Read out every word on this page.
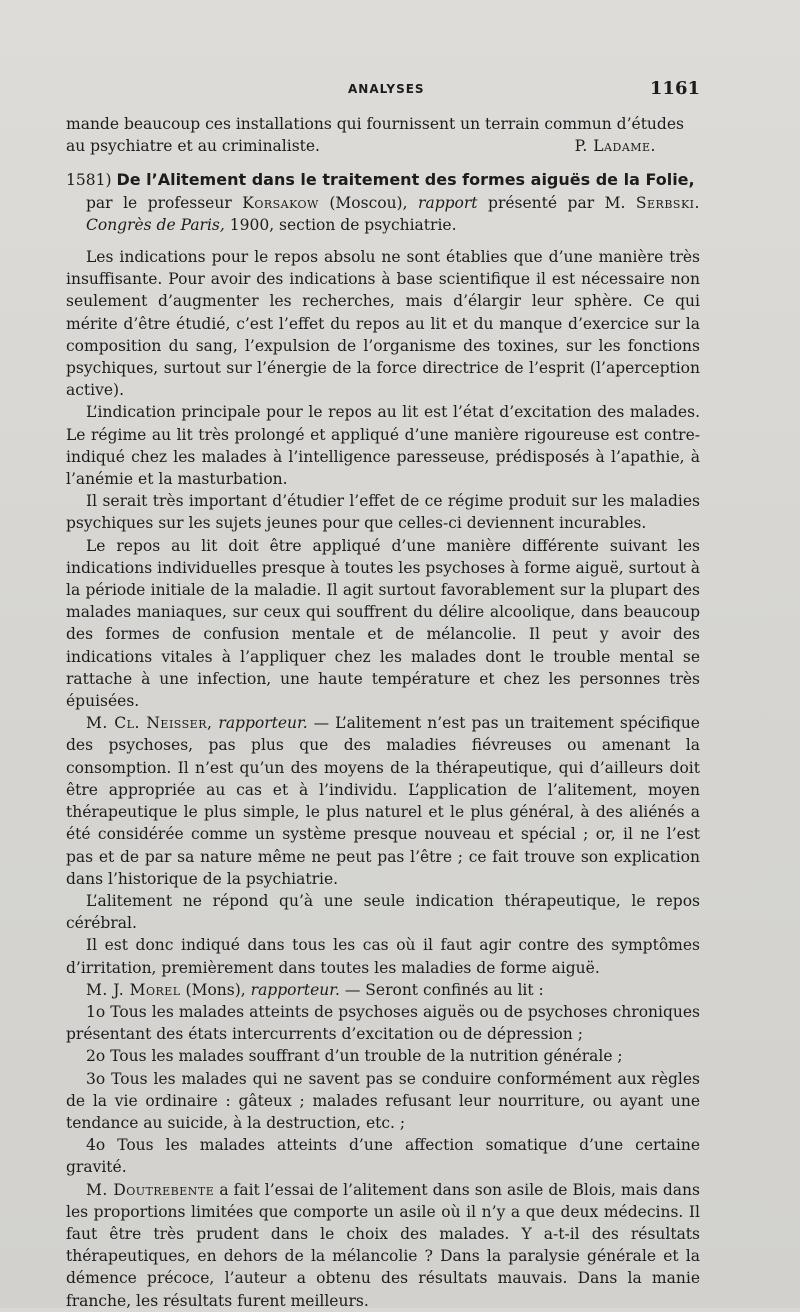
ANALYSES	1161

mande beaucoup ces installations qui fournissent un terrain commun d’études

au psychiatre et au criminaliste.	P. Ladame.

1581) De l’Alitement dans le traitement des formes aiguës de la Folie,
par le professeur Korsakow (Moscou), rapport présenté par M. Serbski. Congrès de Paris, 1900, section de psychiatrie.

Les indications pour le repos absolu ne sont établies que d’une manière très insuffisante. Pour avoir des indications à base scientifique il est nécessaire non seulement d’augmenter les recherches, mais d’élargir leur sphère. Ce qui mérite d’être étudié, c’est l’effet du repos au lit et du manque d’exercice sur la composition du sang, l’expulsion de l’organisme des toxines, sur les fonctions psychiques, surtout sur l’énergie de la force directrice de l’esprit (l’aperception active).

L’indication principale pour le repos au lit est l’état d’excitation des malades. Le régime au lit très prolongé et appliqué d’une manière rigoureuse est contre-indiqué chez les malades à l’intelligence paresseuse, prédisposés à l’apathie, à l’anémie et la masturbation.

Il serait très important d’étudier l’effet de ce régime produit sur les maladies psychiques sur les sujets jeunes pour que celles-ci deviennent incurables.

Le repos au lit doit être appliqué d’une manière différente suivant les indications individuelles presque à toutes les psychoses à forme aiguë, surtout à la période initiale de la maladie. Il agit surtout favorablement sur la plupart des malades maniaques, sur ceux qui souffrent du délire alcoolique, dans beaucoup des formes de confusion mentale et de mélancolie. Il peut y avoir des indications vitales à l’appliquer chez les malades dont le trouble mental se rattache à une infection, une haute température et chez les personnes très épuisées.

M. Cl. Neisser, rapporteur. — L’alitement n’est pas un traitement spécifique des psychoses, pas plus que des maladies fiévreuses ou amenant la consomption. Il n’est qu’un des moyens de la thérapeutique, qui d’ailleurs doit être appropriée au cas et à l’individu. L’application de l’alitement, moyen thérapeutique le plus simple, le plus naturel et le plus général, à des aliénés a été considérée comme un système presque nouveau et spécial ; or, il ne l’est pas et de par sa nature même ne peut pas l’être ; ce fait trouve son explication dans l’historique de la psychiatrie.

L’alitement ne répond qu’à une seule indication thérapeutique, le repos cérébral.

Il est donc indiqué dans tous les cas où il faut agir contre des symptômes d’irritation, premièrement dans toutes les maladies de forme aiguë.

M. J. Morel (Mons), rapporteur. — Seront confinés au lit :

1o Tous les malades atteints de psychoses aiguës ou de psychoses chroniques présentant des états intercurrents d’excitation ou de dépression ;

2o Tous les malades souffrant d’un trouble de la nutrition générale ;

3o Tous les malades qui ne savent pas se conduire conformément aux règles de la vie ordinaire : gâteux ; malades refusant leur nourriture, ou ayant une tendance au suicide, à la destruction, etc. ;

4o Tous les malades atteints d’une affection somatique d’une certaine gravité.

M. Doutrebente a fait l’essai de l’alitement dans son asile de Blois, mais dans les proportions limitées que comporte un asile où il n’y a que deux médecins. Il faut être très prudent dans le choix des malades. Y a-t-il des résultats thérapeutiques, en dehors de la mélancolie ? Dans la paralysie générale et la démence précoce, l’auteur a obtenu des résultats mauvais. Dans la manie franche, les résultats furent meilleurs.
